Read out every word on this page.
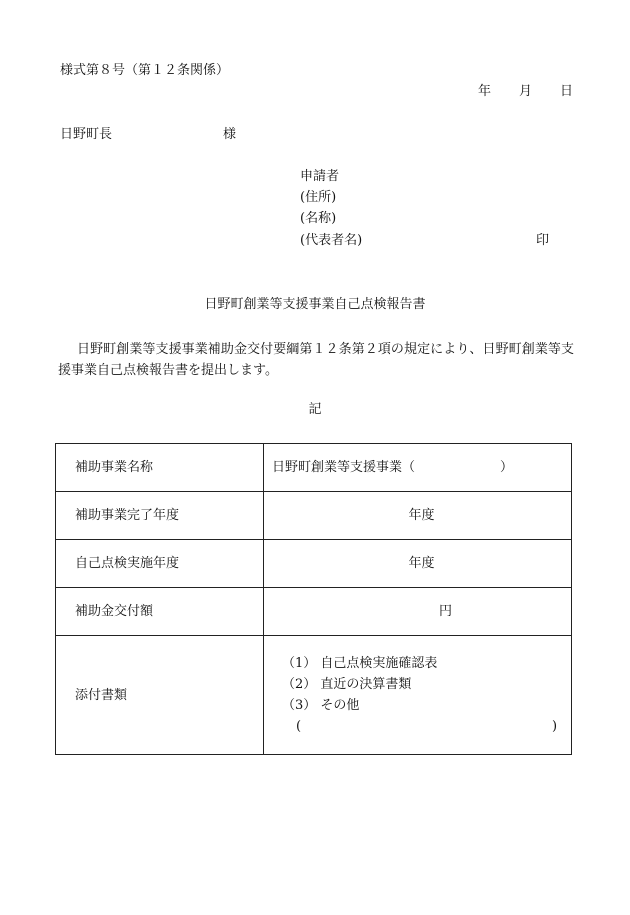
様式第８号（第１２条関係）
年 月 日
日野町長	様
申請者
(住所)
(名称)
(代表者名)	印
日野町創業等支援事業自己点検報告書
日野町創業等支援事業補助金交付要綱第１２条第２項の規定により、日野町創業等支援事業自己点検報告書を提出します。
記
補助事業名称	日野町創業等支援事業（ ）

補助事業完了年度	年度
自己点検実施年度	年度
補助金交付額	円
添付書類	（1） 自己点検実施確認表
（2） 直近の決算書類
（3） その他
( )
